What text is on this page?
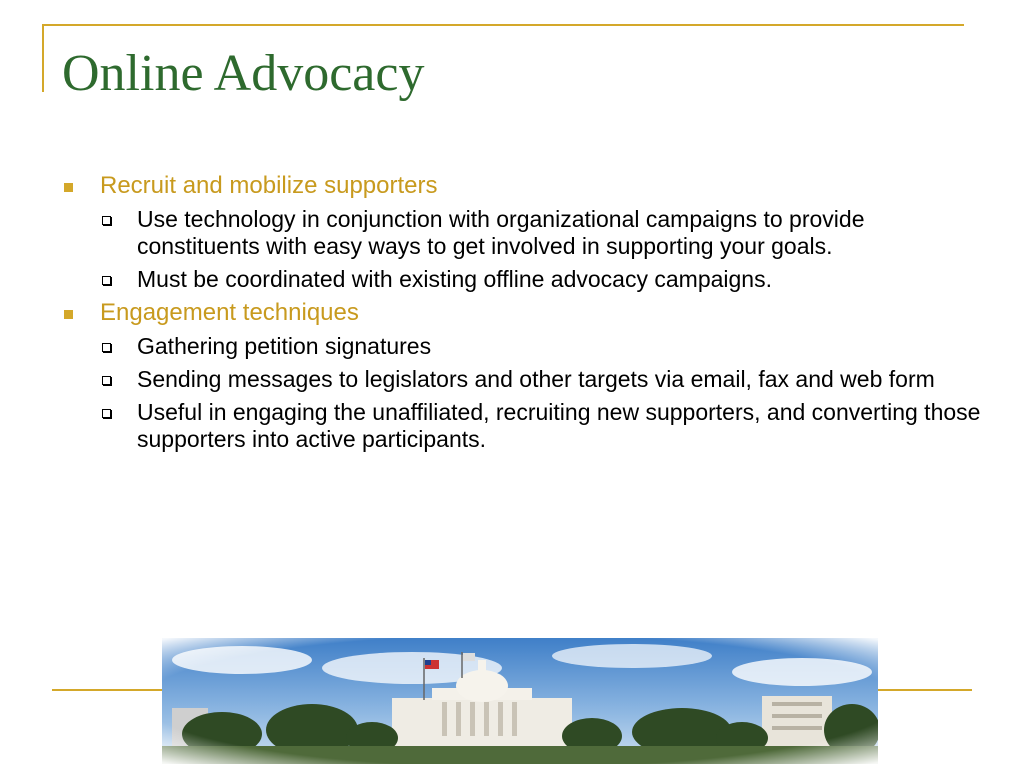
Online Advocacy
Recruit and mobilize supporters
Use technology in conjunction with organizational campaigns to provide constituents with easy ways to get involved in supporting your goals.
Must be coordinated with existing offline advocacy campaigns.
Engagement techniques
Gathering petition signatures
Sending messages to legislators and other targets via email, fax and web form
Useful in engaging the unaffiliated, recruiting new supporters, and converting those supporters into active participants.
